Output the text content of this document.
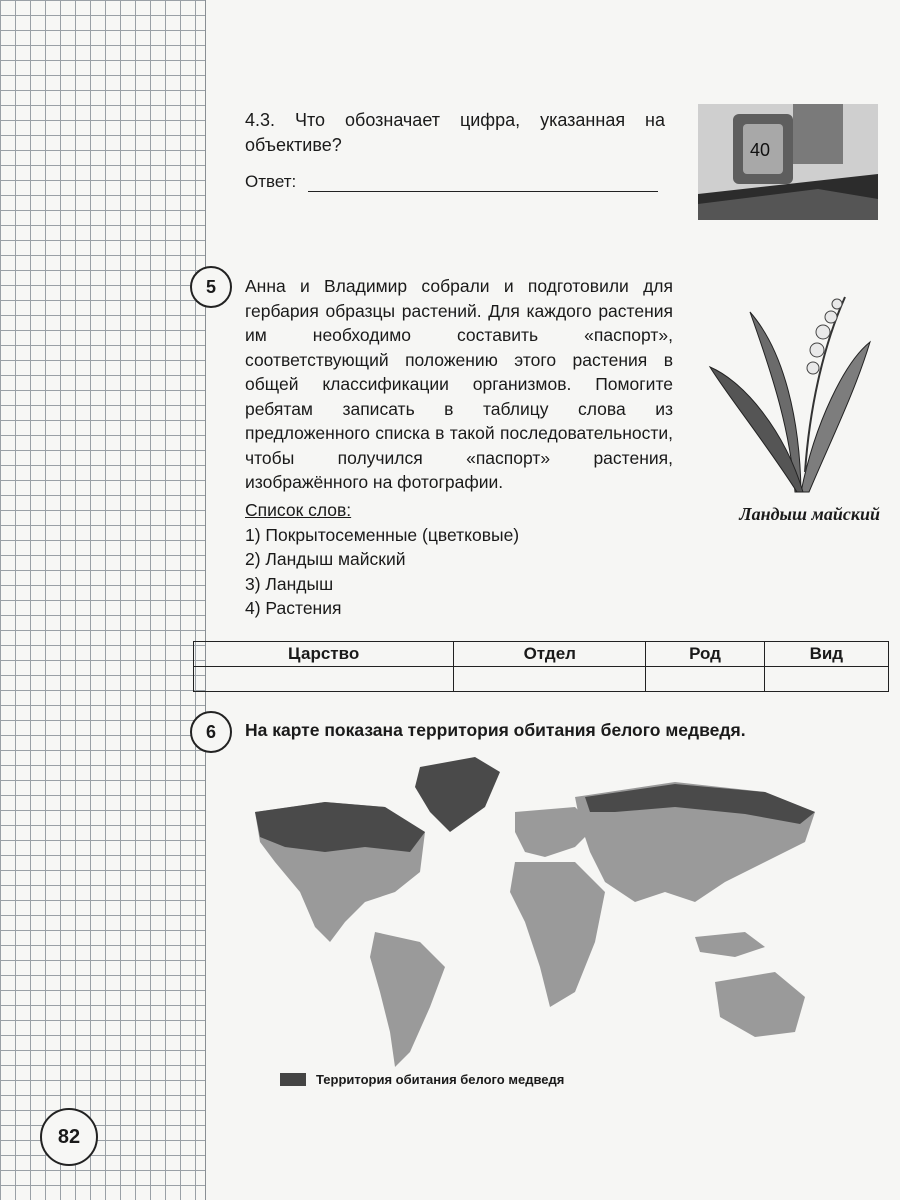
82
4.3. Что обозначает цифра, указанная на объективе?
Ответ:
40
5	Анна и Владимир собрали и подготовили для гербария образцы растений. Для каждого растения им необходимо составить «паспорт», соответствующий положению этого растения в общей классификации организмов. Помогите ребятам записать в таблицу слова из предложенного списка в такой последовательности, чтобы получился «паспорт» растения, изображённого на фотографии.
Список слов:
1) Покрытосеменные (цветковые)
2) Ландыш майский
3) Ландыш
4) Растения
Ландыш майский
Царство	Отдел	Род	Вид

6	На карте показана территория обитания белого медведя.
Территория обитания белого медведя
